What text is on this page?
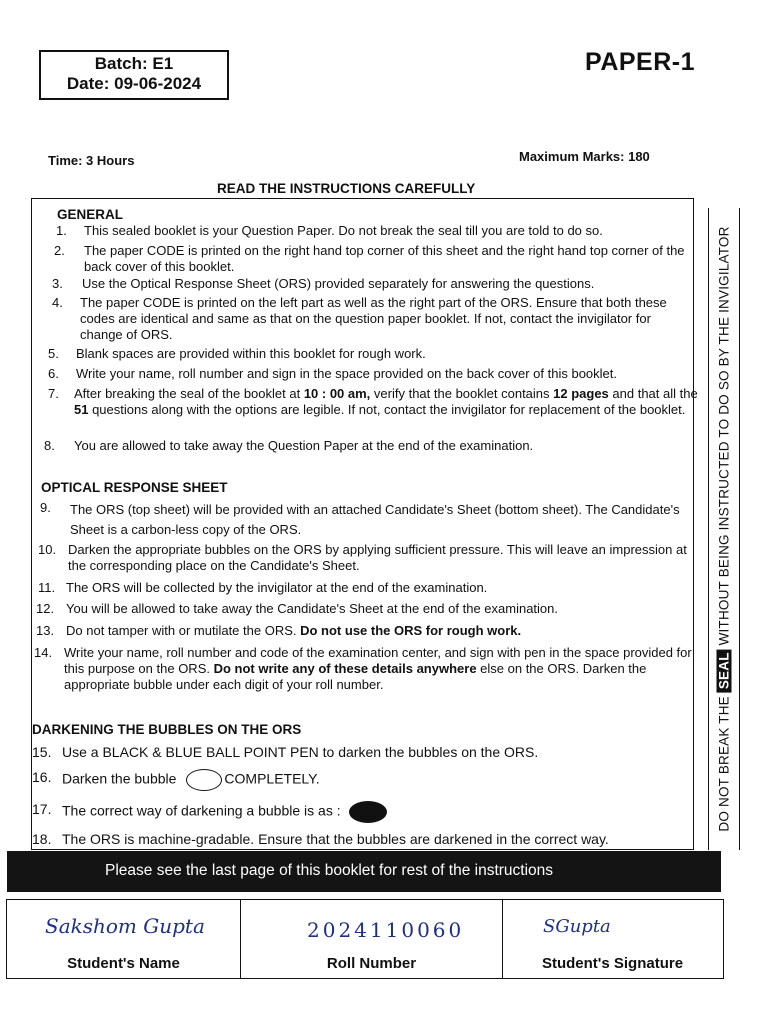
Batch: E1
Date: 09-06-2024
PAPER-1
Time: 3 Hours	Maximum Marks: 180
READ THE INSTRUCTIONS CAREFULLY
DO NOT BREAK THE SEAL WITHOUT BEING INSTRUCTED TO DO SO BY THE INVIGILATOR
GENERAL
1. This sealed booklet is your Question Paper. Do not break the seal till you are told to do so.
2. The paper CODE is printed on the right hand top corner of this sheet and the right hand top corner of the back cover of this booklet.
3. Use the Optical Response Sheet (ORS) provided separately for answering the questions.
4. The paper CODE is printed on the left part as well as the right part of the ORS. Ensure that both these codes are identical and same as that on the question paper booklet. If not, contact the invigilator for change of ORS.
5. Blank spaces are provided within this booklet for rough work.
6. Write your name, roll number and sign in the space provided on the back cover of this booklet.
7. After breaking the seal of the booklet at 10 : 00 am, verify that the booklet contains 12 pages and that all the 51 questions along with the options are legible. If not, contact the invigilator for replacement of the booklet.
8. You are allowed to take away the Question Paper at the end of the examination.
OPTICAL RESPONSE SHEET
9. The ORS (top sheet) will be provided with an attached Candidate's Sheet (bottom sheet). The Candidate's Sheet is a carbon-less copy of the ORS.
10. Darken the appropriate bubbles on the ORS by applying sufficient pressure. This will leave an impression at the corresponding place on the Candidate's Sheet.
11. The ORS will be collected by the invigilator at the end of the examination.
12. You will be allowed to take away the Candidate's Sheet at the end of the examination.
13. Do not tamper with or mutilate the ORS. Do not use the ORS for rough work.
14. Write your name, roll number and code of the examination center, and sign with pen in the space provided for this purpose on the ORS. Do not write any of these details anywhere else on the ORS. Darken the appropriate bubble under each digit of your roll number.
DARKENING THE BUBBLES ON THE ORS
15. Use a BLACK & BLUE BALL POINT PEN to darken the bubbles on the ORS.
16. Darken the bubble	COMPLETELY.
17. The correct way of darkening a bubble is as :
18. The ORS is machine-gradable. Ensure that the bubbles are darkened in the correct way.
Please see the last page of this booklet for rest of the instructions
Sakshom Gupta
Student's Name
2024110060
Roll Number
SGupta
Student's Signature
